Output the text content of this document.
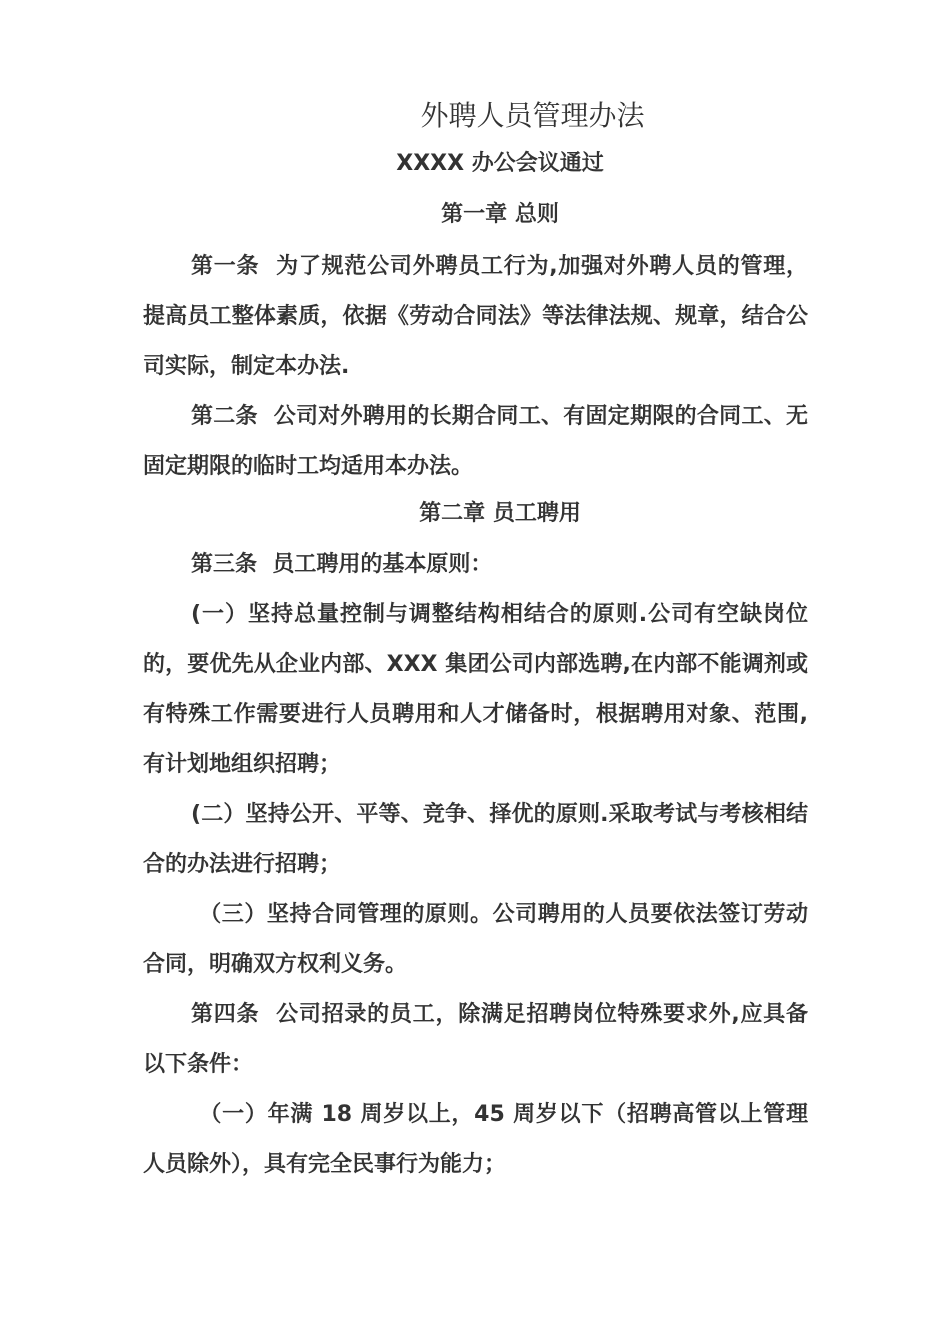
外聘人员管理办法
XXXX 办公会议通过
第一章 总则
第一条  为了规范公司外聘员工行为,加强对外聘人员的管理，提高员工整体素质，依据《劳动合同法》等法律法规、规章，结合公司实际，制定本办法.
第二条  公司对外聘用的长期合同工、有固定期限的合同工、无固定期限的临时工均适用本办法。
第二章 员工聘用
第三条  员工聘用的基本原则：
(一）坚持总量控制与调整结构相结合的原则.公司有空缺岗位的，要优先从企业内部、XXX 集团公司内部选聘,在内部不能调剂或有特殊工作需要进行人员聘用和人才储备时，根据聘用对象、范围,有计划地组织招聘；
(二）坚持公开、平等、竞争、择优的原则.采取考试与考核相结合的办法进行招聘；
（三）坚持合同管理的原则。公司聘用的人员要依法签订劳动合同，明确双方权利义务。
第四条  公司招录的员工，除满足招聘岗位特殊要求外,应具备以下条件：
（一）年满 18 周岁以上，45 周岁以下（招聘高管以上管理人员除外），具有完全民事行为能力；
